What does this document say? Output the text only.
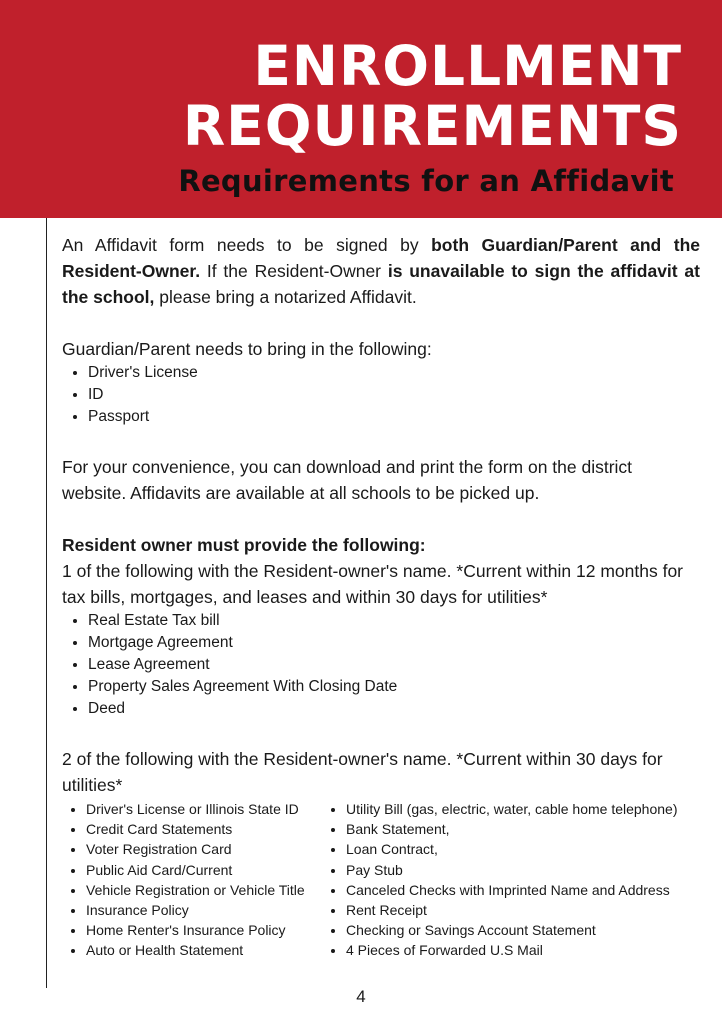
ENROLLMENT
REQUIREMENTS
Requirements for an Affidavit

An Affidavit form needs to be signed by both Guardian/Parent and the Resident-Owner. If the Resident-Owner is unavailable to sign the affidavit at the school, please bring a notarized Affidavit.

Guardian/Parent needs to bring in the following:

• Driver's License
• ID
• Passport

For your convenience, you can download and print the form on the district website. Affidavits are available at all schools to be picked up.

Resident owner must provide the following:

1 of the following with the Resident-owner's name. *Current within 12 months for tax bills, mortgages, and leases and within 30 days for utilities*

• Real Estate Tax bill
• Mortgage Agreement
• Lease Agreement
• Property Sales Agreement With Closing Date
• Deed

2 of the following with the Resident-owner's name. *Current within 30 days for utilities*

• Driver's License or Illinois State ID
• Credit Card Statements
• Voter Registration Card
• Public Aid Card/Current
• Vehicle Registration or Vehicle Title
• Insurance Policy
• Home Renter's Insurance Policy
• Auto or Health Statement
• Utility Bill (gas, electric, water, cable home telephone)
• Bank Statement,
• Loan Contract,
• Pay Stub
• Canceled Checks with Imprinted Name and Address
• Rent Receipt
• Checking or Savings Account Statement
• 4 Pieces of Forwarded U.S Mail
4
